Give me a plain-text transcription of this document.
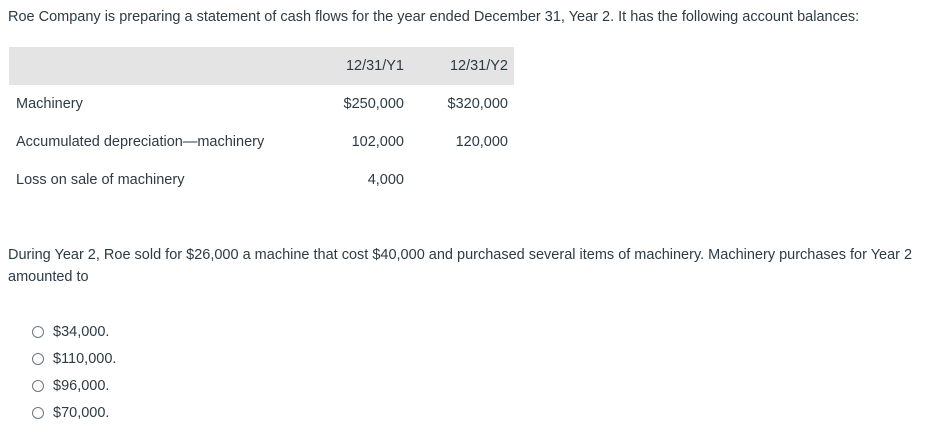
Roe Company is preparing a statement of cash flows for the year ended December 31, Year 2. It has the following account balances:
	12/31/Y1	12/31/Y2
Machinery	$250,000	$320,000
Accumulated depreciation—machinery	102,000	120,000
Loss on sale of machinery	4,000	
During Year 2, Roe sold for $26,000 a machine that cost $40,000 and purchased several items of machinery. Machinery purchases for Year 2 amounted to
$34,000.
$110,000.
$96,000.
$70,000.
